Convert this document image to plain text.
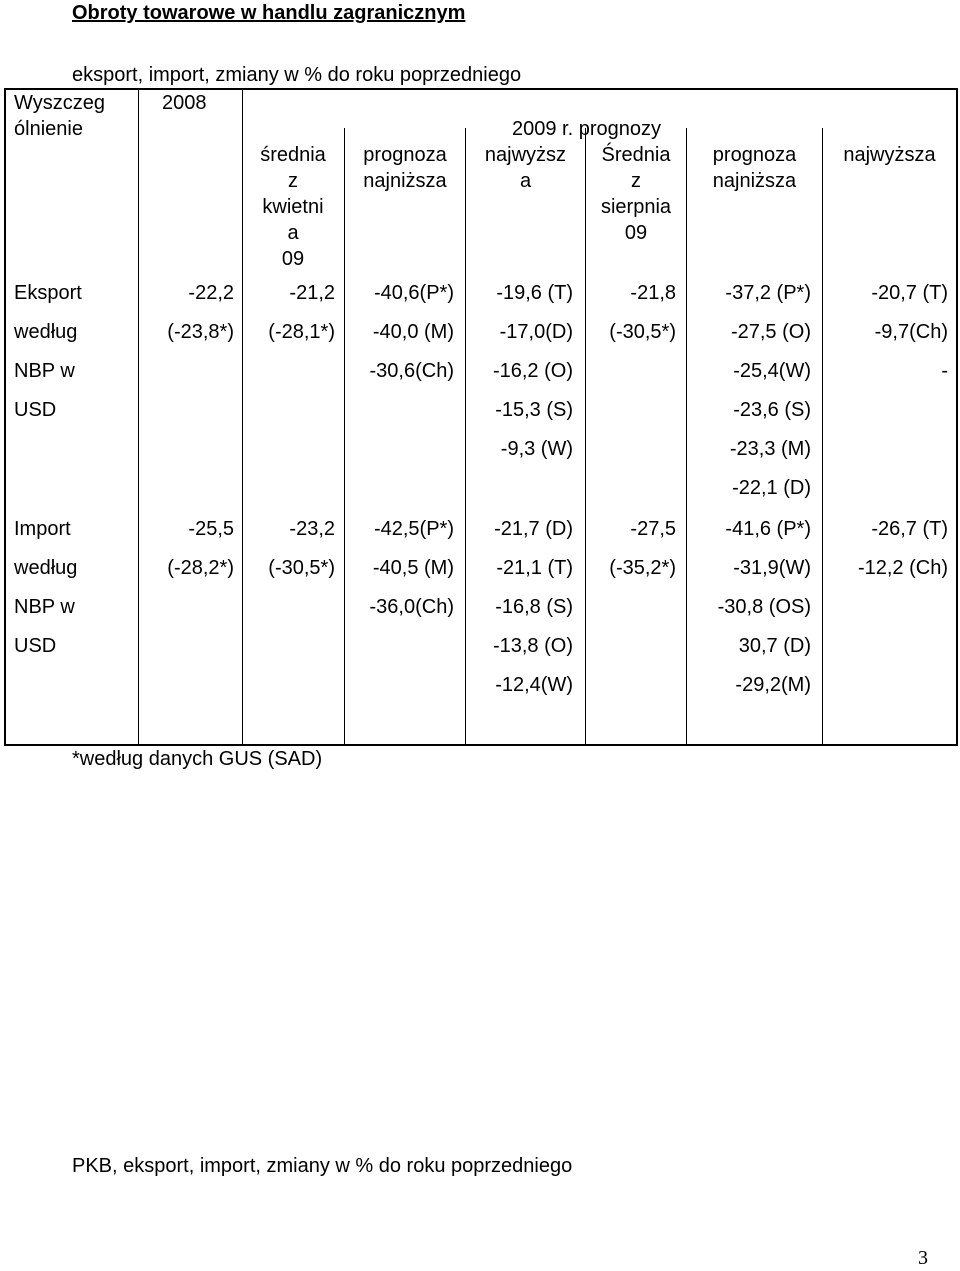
Obroty towarowe w handlu zagranicznym
eksport, import, zmiany w % do roku poprzedniego
Wyszczeg
ólnienie
2008
2009 r. prognozy
średnia
z
kwietni
a
09
prognoza
najniższa
najwyższ
a
Średnia
z
sierpnia
09
prognoza
najniższa
najwyższa
Eksport
według
NBP w
USD
-22,2
(-23,8*)
-21,2
(-28,1*)
-40,6(P*)
-40,0 (M)
-30,6(Ch)
-19,6 (T)
-17,0(D)
-16,2 (O)
-15,3 (S)
-9,3 (W)
-21,8
(-30,5*)
-37,2 (P*)
-27,5 (O)
-25,4(W)
-23,6 (S)
-23,3 (M)
-22,1 (D)
-20,7 (T)
-9,7(Ch)
-
Import
według
NBP w
USD
-25,5
(-28,2*)
-23,2
(-30,5*)
-42,5(P*)
-40,5 (M)
-36,0(Ch)
-21,7 (D)
-21,1 (T)
-16,8 (S)
-13,8 (O)
-12,4(W)
-27,5
(-35,2*)
-41,6 (P*)
-31,9(W)
-30,8 (OS)
30,7 (D)
-29,2(M)
-26,7 (T)
-12,2 (Ch)
*według danych GUS (SAD)
PKB, eksport, import, zmiany w % do roku poprzedniego
3
